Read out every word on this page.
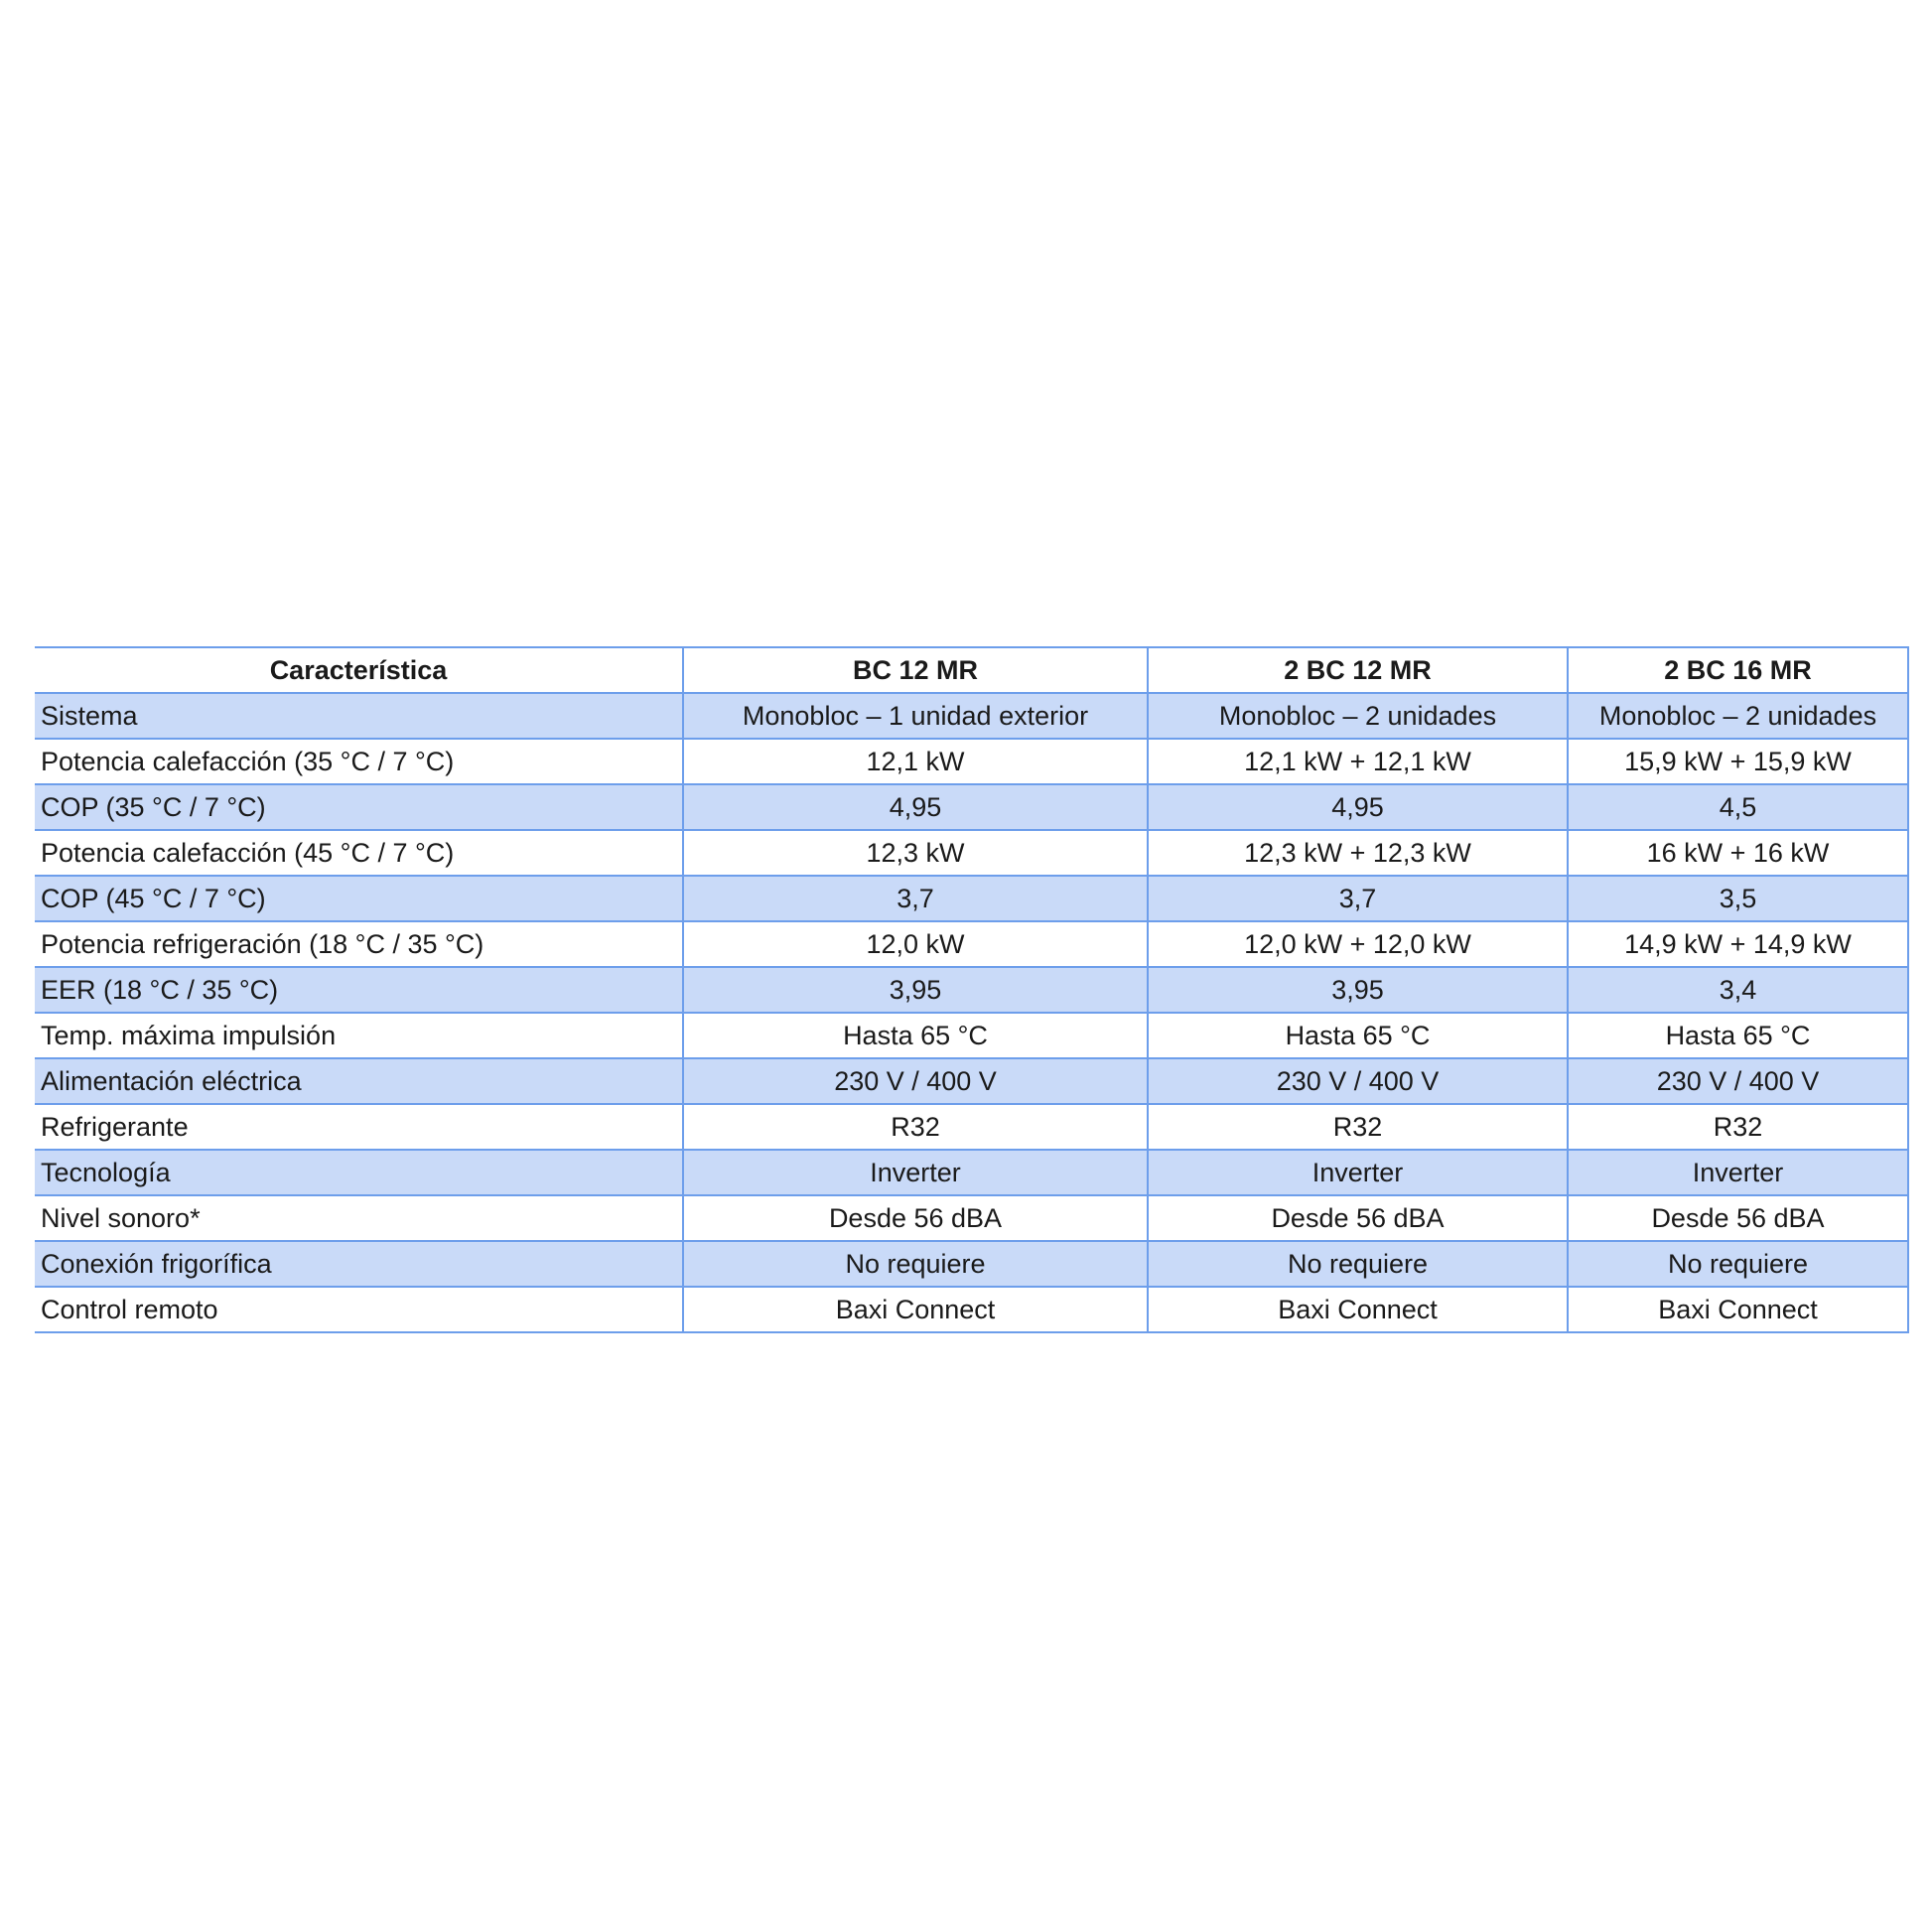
Característica	BC 12 MR	2 BC 12 MR	2 BC 16 MR
Sistema	Monobloc – 1 unidad exterior	Monobloc – 2 unidades	Monobloc – 2 unidades
Potencia calefacción (35 °C / 7 °C)	12,1 kW	12,1 kW + 12,1 kW	15,9 kW + 15,9 kW
COP (35 °C / 7 °C)	4,95	4,95	4,5
Potencia calefacción (45 °C / 7 °C)	12,3 kW	12,3 kW + 12,3 kW	16 kW + 16 kW
COP (45 °C / 7 °C)	3,7	3,7	3,5
Potencia refrigeración (18 °C / 35 °C)	12,0 kW	12,0 kW + 12,0 kW	14,9 kW + 14,9 kW
EER (18 °C / 35 °C)	3,95	3,95	3,4
Temp. máxima impulsión	Hasta 65 °C	Hasta 65 °C	Hasta 65 °C
Alimentación eléctrica	230 V / 400 V	230 V / 400 V	230 V / 400 V
Refrigerante	R32	R32	R32
Tecnología	Inverter	Inverter	Inverter
Nivel sonoro*	Desde 56 dBA	Desde 56 dBA	Desde 56 dBA
Conexión frigorífica	No requiere	No requiere	No requiere
Control remoto	Baxi Connect	Baxi Connect	Baxi Connect
